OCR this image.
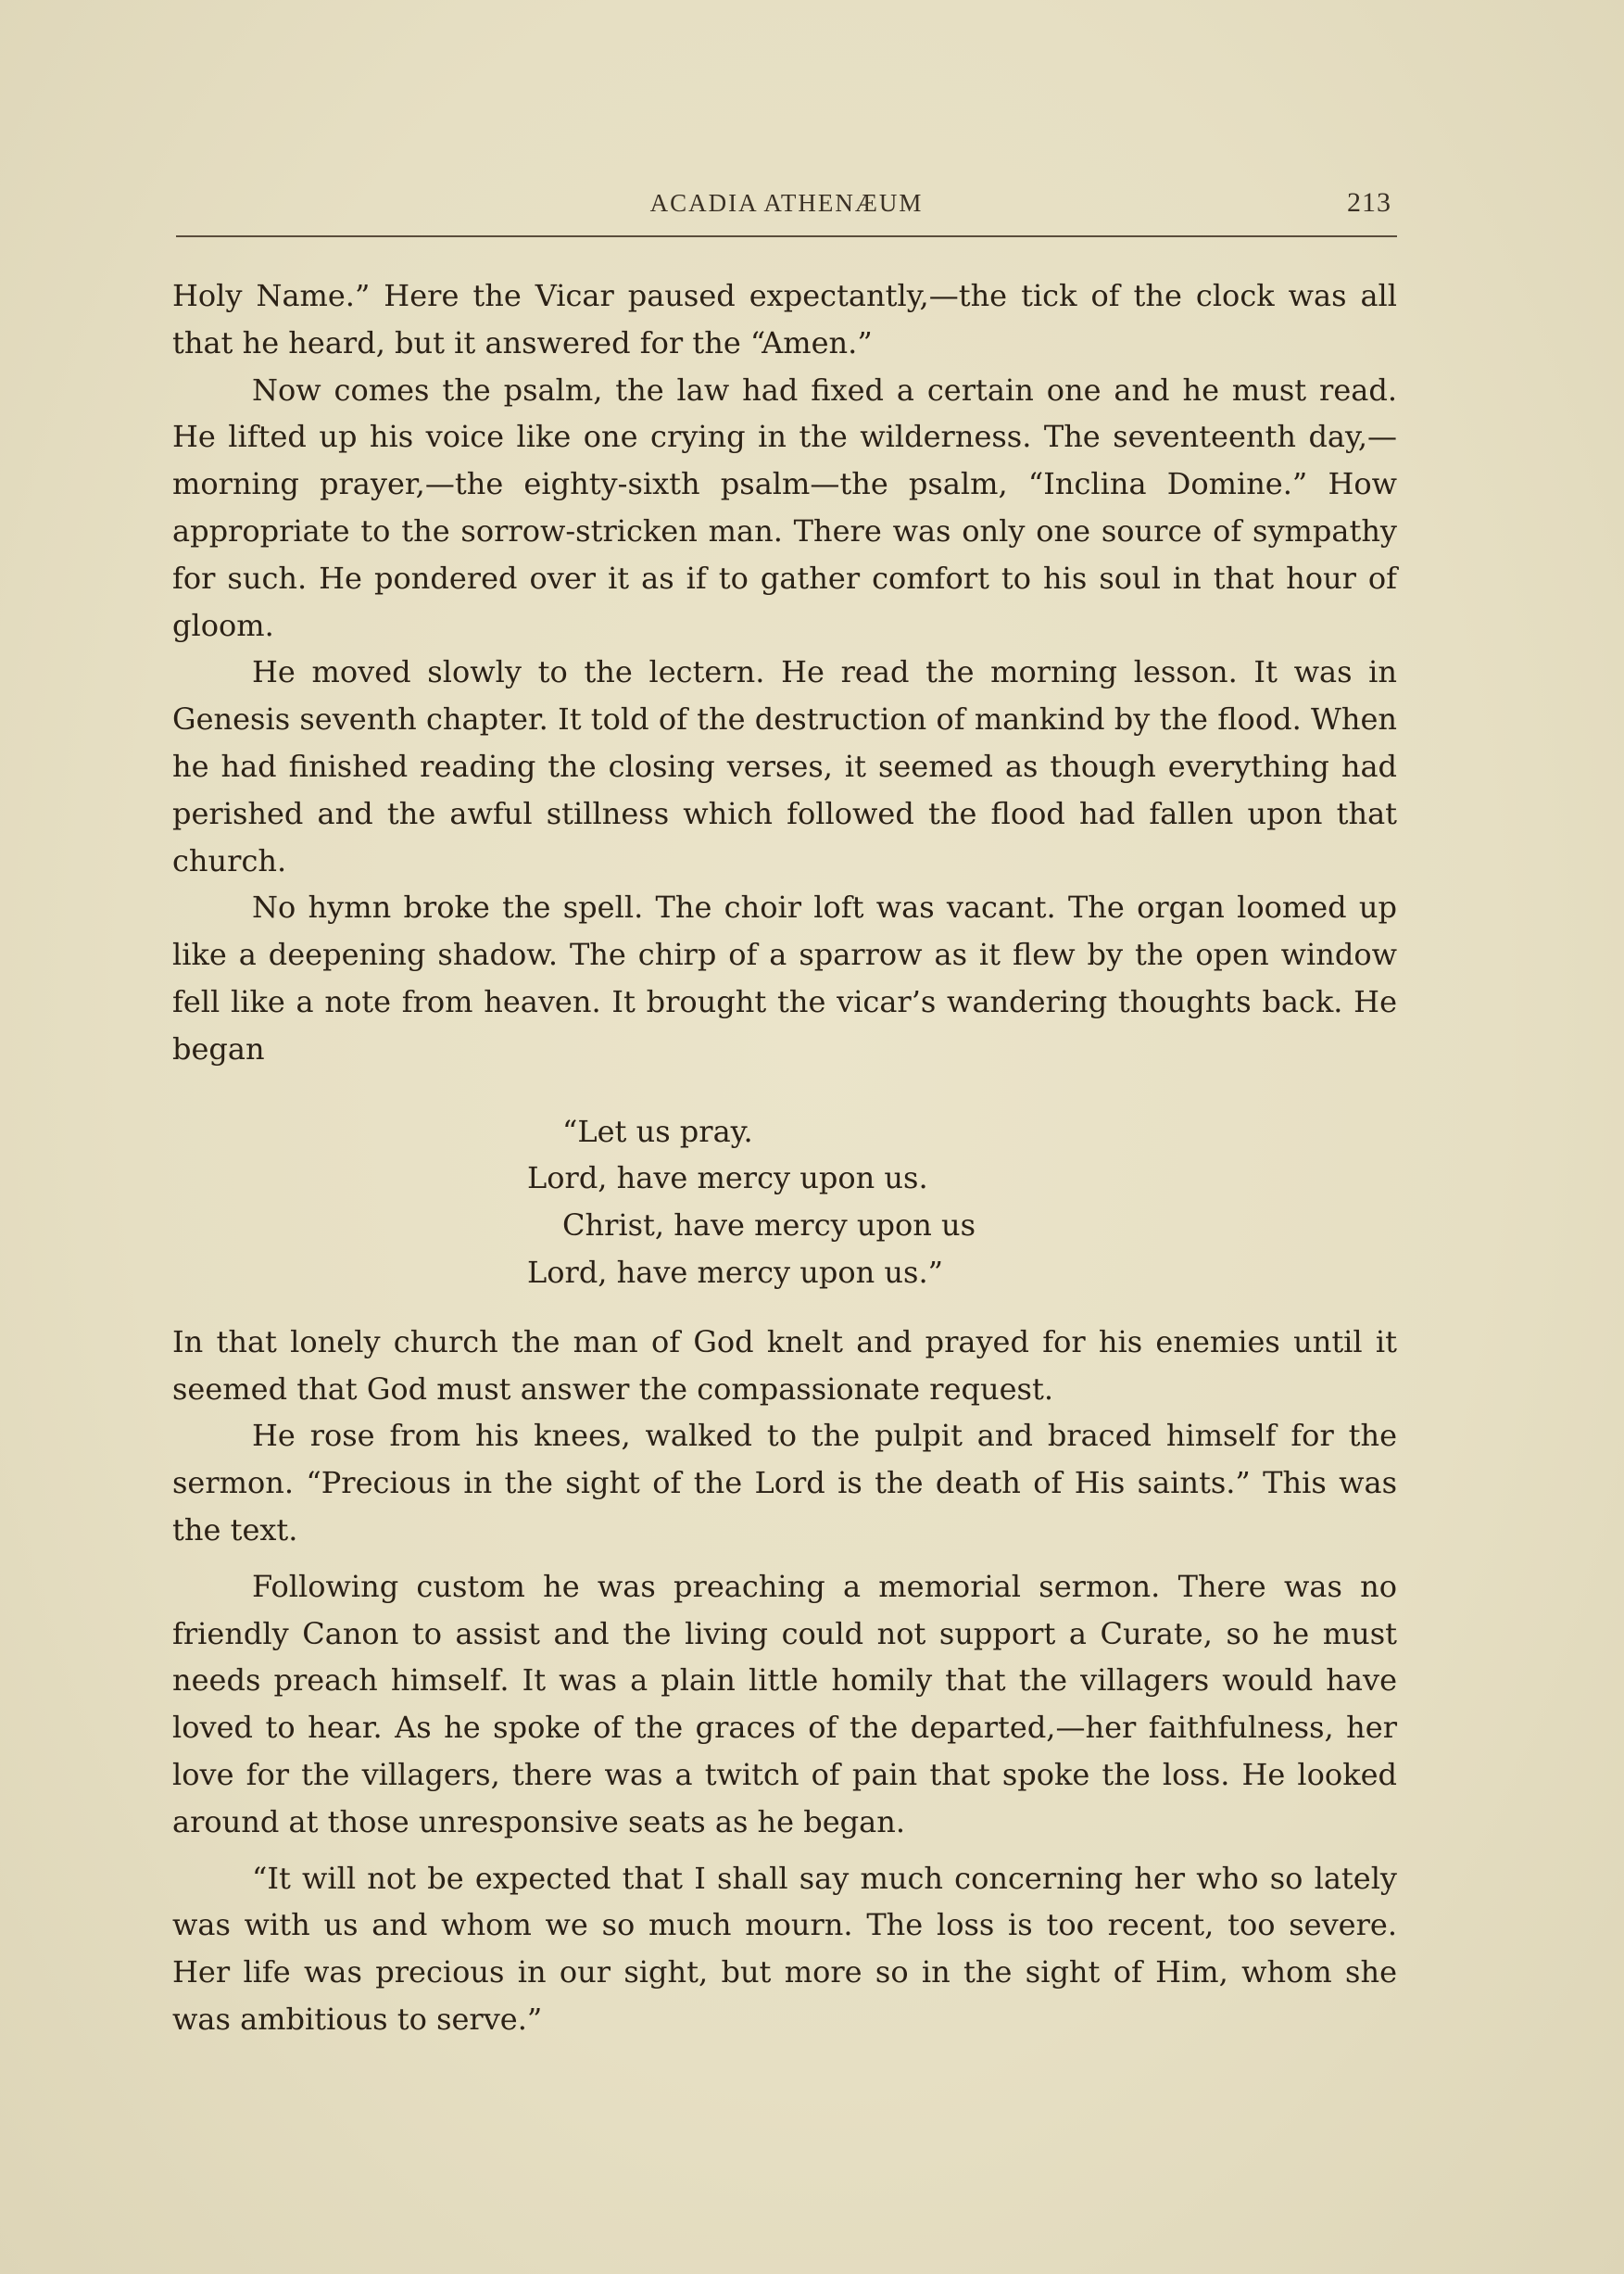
ACADIA ATHENÆUM	213

Holy Name.” Here the Vicar paused expectantly,—the tick of the clock was all that he heard, but it answered for the “Amen.”

Now comes the psalm, the law had fixed a certain one and he must read. He lifted up his voice like one crying in the wilderness. The seventeenth day,—morning prayer,—the eighty-sixth psalm—the psalm, “Inclina Domine.” How appropriate to the sorrow-stricken man. There was only one source of sympathy for such. He pondered over it as if to gather comfort to his soul in that hour of gloom.

He moved slowly to the lectern. He read the morning lesson. It was in Genesis seventh chapter. It told of the destruction of mankind by the flood. When he had finished reading the closing verses, it seemed as though everything had perished and the awful stillness which followed the flood had fallen upon that church.

No hymn broke the spell. The choir loft was vacant. The organ loomed up like a deepening shadow. The chirp of a sparrow as it flew by the open window fell like a note from heaven. It brought the vicar’s wandering thoughts back. He began

“Let us pray.
Lord, have mercy upon us.
Christ, have mercy upon us
Lord, have mercy upon us.”

In that lonely church the man of God knelt and prayed for his enemies until it seemed that God must answer the compassionate request.

He rose from his knees, walked to the pulpit and braced himself for the sermon. “Precious in the sight of the Lord is the death of His saints.” This was the text.

Following custom he was preaching a memorial sermon. There was no friendly Canon to assist and the living could not support a Curate, so he must needs preach himself. It was a plain little homily that the villagers would have loved to hear. As he spoke of the graces of the departed,—her faithfulness, her love for the villagers, there was a twitch of pain that spoke the loss. He looked around at those unresponsive seats as he began.

“It will not be expected that I shall say much concerning her who so lately was with us and whom we so much mourn. The loss is too recent, too severe. Her life was precious in our sight, but more so in the sight of Him, whom she was ambitious to serve.”
